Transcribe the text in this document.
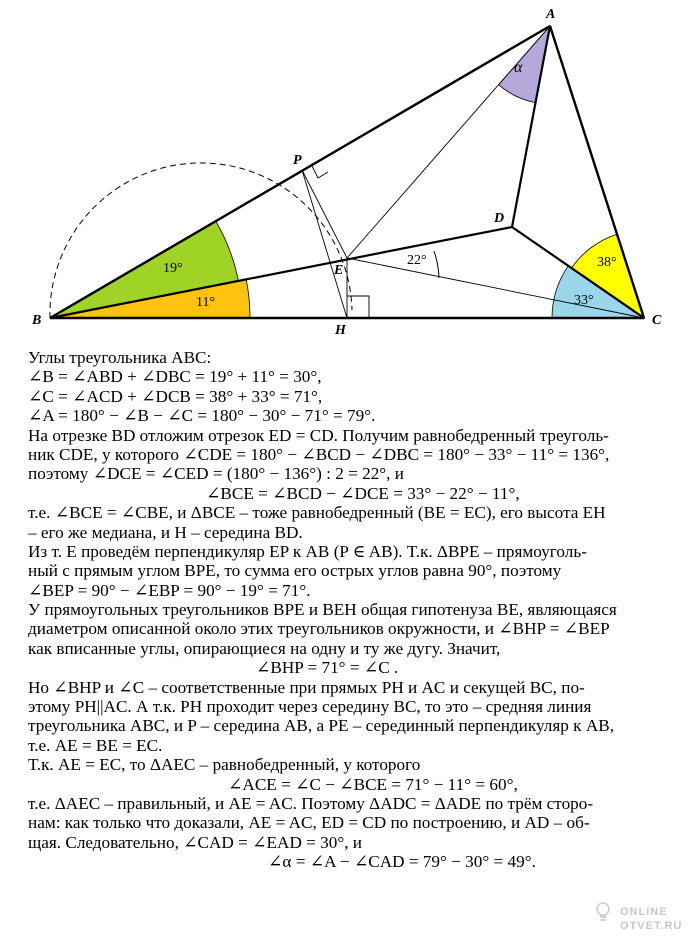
19°
11°
38°
33°
22°
α
A
B	C
D
E
P
H
Углы треугольника ABC:
∠B = ∠ABD + ∠DBC = 19° + 11° = 30°,
∠C = ∠ACD + ∠DCB = 38° + 33° = 71°,
∠A = 180° − ∠B − ∠C = 180° − 30° − 71° = 79°.
На отрезке BD отложим отрезок ED = CD. Получим равнобедренный треуголь-
ник CDE, у которого ∠CDE = 180° − ∠BCD − ∠DBC = 180° − 33° − 11° = 136°,
поэтому ∠DCE = ∠CED = (180° − 136°) : 2 = 22°, и
∠BCE = ∠BCD − ∠DCE = 33° − 22° − 11°,
т.е. ∠BCE = ∠CBE, и ΔBCE – тоже равнобедренный (BE = EC), его высота EH
– его же медиана, и H – середина BD.
Из т. E проведём перпендикуляр EP к AB (P ∈ AB). Т.к. ΔBPE – прямоуголь-
ный с прямым углом BPE, то сумма его острых углов равна 90°, поэтому
∠BEP = 90° − ∠EBP = 90° − 19° = 71°.
У прямоугольных треугольников BPE и BEH общая гипотенуза BE, являющаяся
диаметром описанной около этих треугольников окружности, и ∠BHP = ∠BEP
как вписанные углы, опирающиеся на одну и ту же дугу. Значит,
∠BHP = 71° = ∠C .
Но ∠BHP и ∠C – соответственные при прямых PH и AC и секущей BC, по-
этому PH||AC. А т.к. PH проходит через середину BC, то это – средняя линия
треугольника ABC, и P – середина AB, а PE – серединный перпендикуляр к AB,
т.е. AE = BE = EC.
Т.к. AE = EC, то ΔAEC – равнобедренный, у которого
∠ACE = ∠C − ∠BCE = 71° − 11° = 60°,
т.е. ΔAEC – правильный, и AE = AC. Поэтому ΔADC = ΔADE по трём сторо-
нам: как только что доказали, AE = AC, ED = CD по построению, и AD – об-
щая. Следовательно, ∠CAD = ∠EAD = 30°, и
∠α = ∠A − ∠CAD = 79° − 30° = 49°.
ONLINE
OTVET.RU
